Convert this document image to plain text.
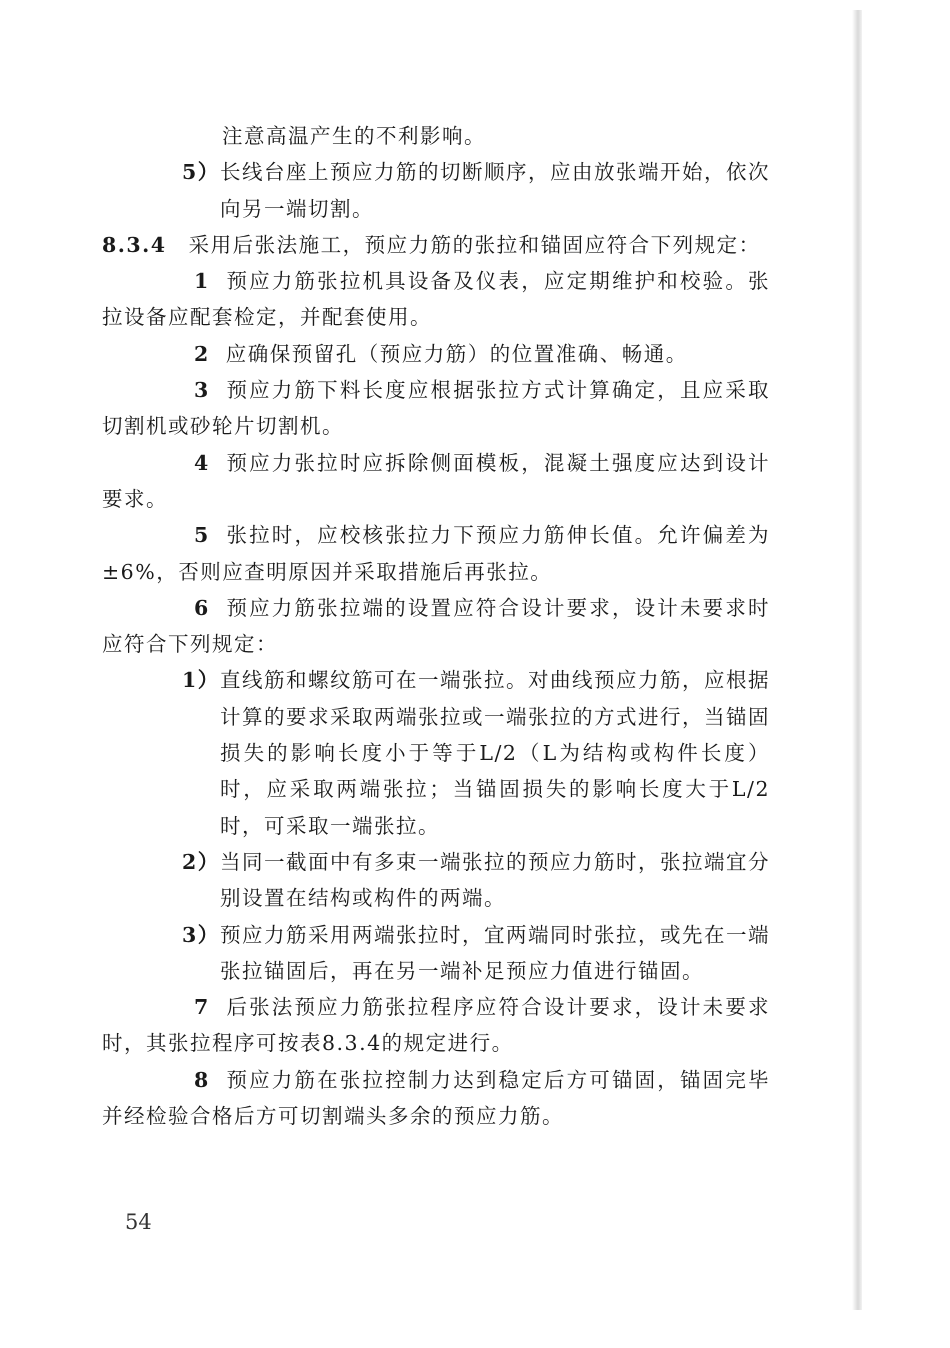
注意高温产生的不利影响。

5） 长线台座上预应力筋的切断顺序，应由放张端开始，依次向另一端切割。

8.3.4 采用后张法施工，预应力筋的张拉和锚固应符合下列规定：

1 预应力筋张拉机具设备及仪表，应定期维护和校验。张拉设备应配套检定，并配套使用。

2 应确保预留孔（预应力筋）的位置准确、畅通。

3 预应力筋下料长度应根据张拉方式计算确定，且应采取切割机或砂轮片切割机。

4 预应力张拉时应拆除侧面模板，混凝土强度应达到设计要求。

5 张拉时，应校核张拉力下预应力筋伸长值。允许偏差为±6%，否则应查明原因并采取措施后再张拉。

6 预应力筋张拉端的设置应符合设计要求，设计未要求时应符合下列规定：

1） 直线筋和螺纹筋可在一端张拉。对曲线预应力筋，应根据计算的要求采取两端张拉或一端张拉的方式进行，当锚固损失的影响长度小于等于L/2（L为结构或构件长度）时，应采取两端张拉；当锚固损失的影响长度大于L/2时，可采取一端张拉。

2） 当同一截面中有多束一端张拉的预应力筋时，张拉端宜分别设置在结构或构件的两端。

3） 预应力筋采用两端张拉时，宜两端同时张拉，或先在一端张拉锚固后，再在另一端补足预应力值进行锚固。

7 后张法预应力筋张拉程序应符合设计要求，设计未要求时，其张拉程序可按表8.3.4的规定进行。

8 预应力筋在张拉控制力达到稳定后方可锚固，锚固完毕并经检验合格后方可切割端头多余的预应力筋。

54
